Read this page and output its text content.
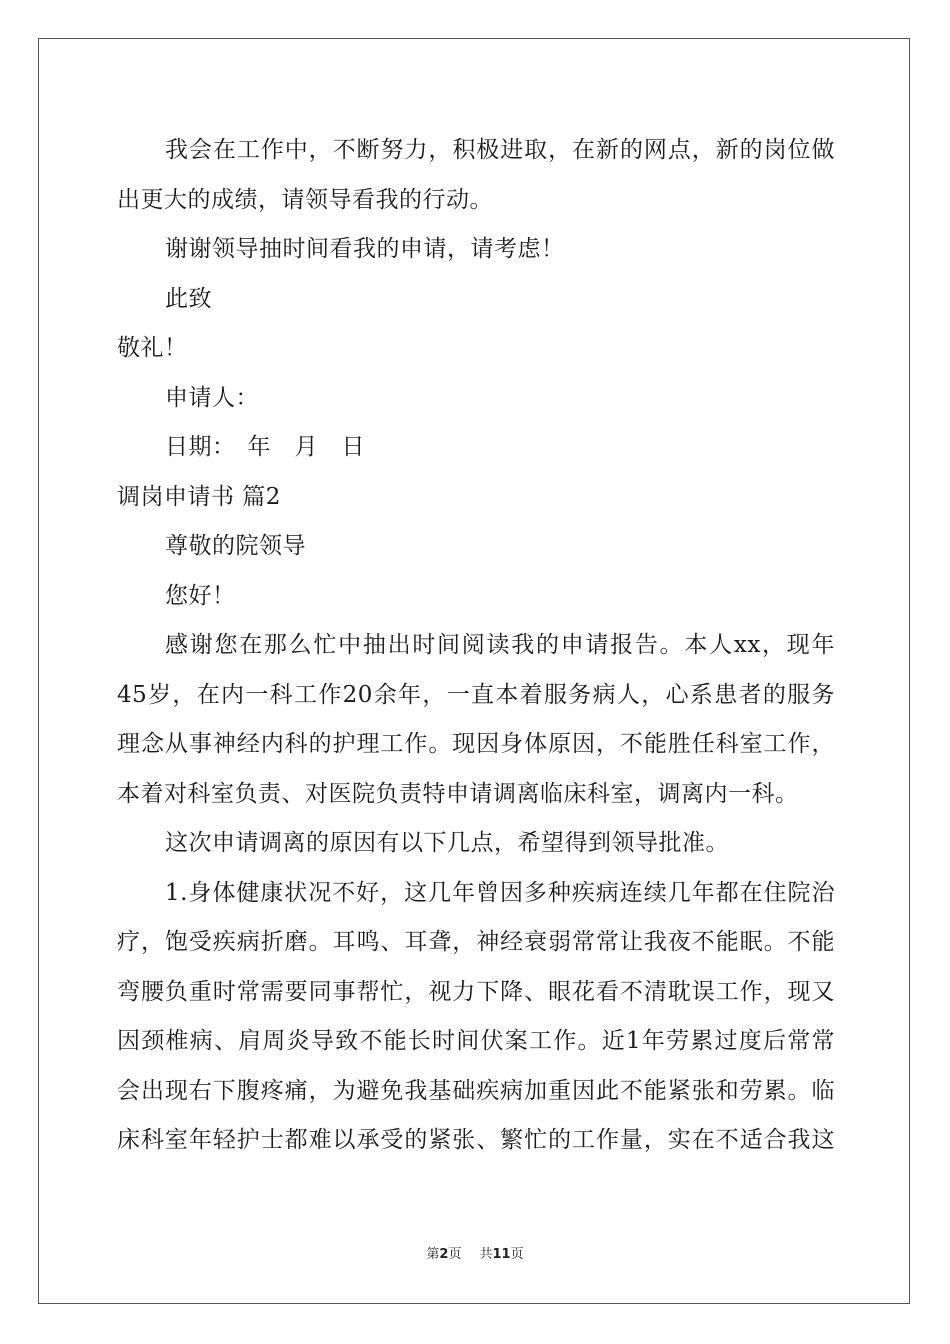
我会在工作中，不断努力，积极进取，在新的网点，新的岗位做
出更大的成绩，请领导看我的行动。
谢谢领导抽时间看我的申请，请考虑！
此致
敬礼！
申请人：
日期：　年　月　日
调岗申请书 篇2
尊敬的院领导
您好！
感谢您在那么忙中抽出时间阅读我的申请报告。本人xx，现年
45岁，在内一科工作20余年，一直本着服务病人，心系患者的服务
理念从事神经内科的护理工作。现因身体原因，不能胜任科室工作，
本着对科室负责、对医院负责特申请调离临床科室，调离内一科。
这次申请调离的原因有以下几点，希望得到领导批准。
1.身体健康状况不好，这几年曾因多种疾病连续几年都在住院治
疗，饱受疾病折磨。耳鸣、耳聋，神经衰弱常常让我夜不能眠。不能
弯腰负重时常需要同事帮忙，视力下降、眼花看不清耽误工作，现又
因颈椎病、肩周炎导致不能长时间伏案工作。近1年劳累过度后常常
会出现右下腹疼痛，为避免我基础疾病加重因此不能紧张和劳累。临
床科室年轻护士都难以承受的紧张、繁忙的工作量，实在不适合我这
第2页 共11页
